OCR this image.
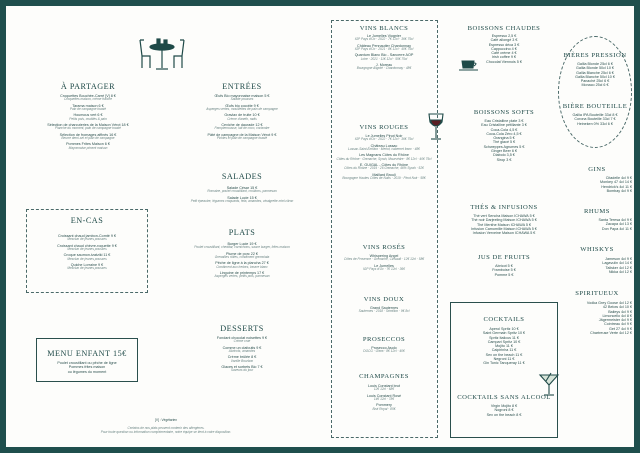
À PARTAGER
Croquettes Bouchée-Carré [V] 8 €
Croquettes maison, crème fraîche
Tarama maison 6 €
Pain de campagne toasté
Houmous vert 6 €
Petits pois, crudités & pain
Sélection de charcuteries de la Maison Vérot 18 €
Planche du moment, pain de campagne toasté
Sélection de fromages affinés 16 €
Beurre demi-sel et pain de campagne
Pommes Frites Maison 6 €
Mayonnaise piment maison
ENTRÉES
Œufs Bio mayonnaise maison 5 €
Salade pousses
Œufs bio cocotte 9 €
Asperges vertes, mouillettes de pain de campagne
Gravlax de truite 10 €
Crème d'aneth, radis
Ceviche de daurade 12 €
Pamplemousse, lait de coco, coriandre
Pâté de campagne de la Maison Vérot 9 €
Pickles et pain de campagne toasté
SALADES
Salade César 15 €
Romaine, poulet croustillant, croûtons, parmesan
Salade Lucie 15 €
Petit épeautre, légumes croquants, feta, amandes, vinaigrette miel-citron
EN-CAS
Croissant chaud jambon-Comté 9 €
Mesclun de jeunes pousses
Croissant chaud chèvre-roquette 9 €
Mesclun de jeunes pousses
Croque saumon-tzatziki 11 €
Mesclun de jeunes pousses
Quiche Lorraine 9 €
Mesclun de jeunes pousses
PLATS
Burger Lucie 19 €
Poulet croustillant, cheddar, cornichons, sauce burger, frites maison
Plume de porc 22 €
Grenailles rôties, condiment gremolata
Pêche de ligne à la plancha 27 €
Condiment aux herbes, beurre blanc
Linguine de printemps 17 €
Asperges vertes, petits pois, parmesan
MENU ENFANT 15€
Poulet croustillant ou pêche de ligne
Pommes frites maison
ou légumes du moment
DESSERTS
Fondant chocolat noisettes 9 €
Crème crue
Comme un clafoutis 9 €
Abricots, amandes
Crème brûlée 8 €
Vanille Bourbon
Glaces et sorbets Bio 7 €
Saveurs du jour
[V] : Végétarien
Certains de nos plats peuvent contenir des allergènes.
Pour toute question ou information complémentaire, notre équipe se tient à votre disposition.
VINS BLANCS
Le Jumelles Viognier
IGP Pays d'Oc · 2022 · 7€ 12cl · 36€ 75cl
Château Pennautier Chardonnay
IGP Pays d'Oc · 2021 · 8€ 12cl · 40€ 75cl
Quantum Blanc Bio - Sancerre AOP
Loire · 2021 · 11€ 12cl · 55€ 75cl
J. Moreau
Bourgogne Aligoté · Chardonnay · 48€
VINS ROUGES
Le Jumelles Pinot Noir
IGP Pays d'Oc · 2022 · 7€ 12cl · 36€ 75cl
Château Lussac
Lussac-Saint-Émilion · Merlot, cabernet franc · 48€
Les Magnans Côtes du Rhône
Côtes du Rhône · Grenache, Syrah, Mourvèdre · 8€ 12cl · 40€ 75cl
E. GUIGAL - Côtes du Rhône
Côtes du Rhône · 2019 · 26 Grenache, 46% Syrah · 52€
Maillard Brouli
Bourgogne Hautes Côtes de Nuits · 2019 · Pinot Noir · 58€
VINS ROSÉS
Whispering Angel
Côtes de Provence · Grenache, Cinsault · 12€ 12cl · 58€
Le Jumelles
IGP Pays d'Oc · 7€ 12cl · 36€
VINS DOUX
Grand Sauternes
Sauternes · 2018 · Sémillon · 9€ 8cl
PROSECCOS
Prosecco Asolo
DOCG · Glera · 8€ 12cl · 40€
CHAMPAGNES
Louis Constant brut
12€ 12cl · 68€
Louis Constant Rosé
14€ 12cl · 78€
Pommery
Brut Royal · 85€
BOISSONS CHAUDES
Espresso 2,5 €
Café allongé 3 €
Espresso déca 3 €
Cappuccino 4 €
Café crème 4 €
Irish coffee 9 €
Chocolat Viennois 5 €
BOISSONS SOFTS
Eau Cristalline plate 3 €
Eau Cristalline pétillante 3 €
Coca-Cola 4,5 €
Coca-Cola Zéro 4,5 €
Orangina 5 €
Thé glacé 5 €
Schweppes Agrumes 5 €
Ginger Beer 6 €
Diabolo 3,5 €
Sirop 3 €
THÉS & INFUSIONS
Thé vert Sencha Maison ICHAWA 5 €
Thé noir Darjeeling Maison ICHAWA 5 €
Thé Menthe Maison ICHAWA 5 €
Infusion Camomille Maison ICHAWA 5 €
Infusion Verveine Maison ICHAWA 5 €
JUS DE FRUITS
Abricot 5 €
Framboise 5 €
Pomme 5 €
COCKTAILS
Aperol Spritz 10 €
Saint Germain Spritz 10 €
Spritz Italicus 11 €
Campari Spritz 10 €
Mojito 11 €
Caipirinha 11 €
Sex on the beach 11 €
Negroni 11 €
Gin Tonic Tanqueray 11 €
COCKTAILS SANS ALCOOL
Virgin Mojito 8 €
Nogroni 8 €
Sex on the beach 8 €
BIÈRES PRESSION
Gallia Blonde 25cl 6 €
Gallia Blonde 50cl 10 €
Gallia Blanche 25cl 6 €
Gallia Blanche 50cl 10 €
Panaché 25cl 6 €
Monaco 25cl 6 €
BIÈRE BOUTEILLE
Gallia IPA Bouteille 33cl 8 €
Corona Bouteille 33cl 7 €
Heineken 0% 33cl 6 €
GINS
Citadelle 4cl 9 €
Monkey 47 4cl 14 €
Hendrick's 4cl 11 €
Bombay 4cl 9 €
RHUMS
Santa Teresa 4cl 9 €
Zacapa 4cl 13 €
Don Papa 4cl 11 €
WHISKYS
Jameson 4cl 9 €
Lagavulin 4cl 14 €
Talisker 4cl 12 €
Nikka 4cl 12 €
SPIRITUEUX
Vodka Grey Goose 4cl 12 €
42 Below 4cl 10 €
Baileys 4cl 9 €
Limoncello 4cl 8 €
Jägermeister 4cl 9 €
Cointreau 4cl 9 €
Get 27 4cl 9 €
Chartreuse Verte 4cl 12 €
